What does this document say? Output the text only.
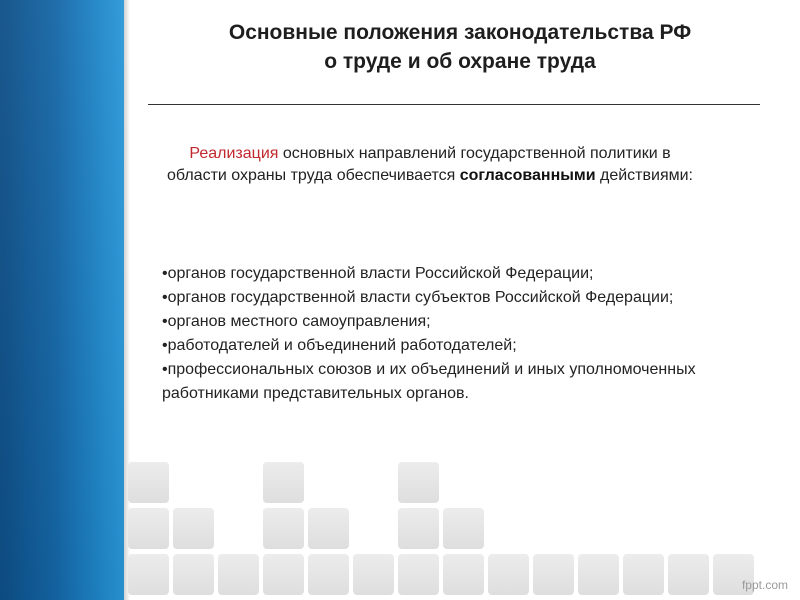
Основные положения законодательства РФ
о труде и об охране труда
Реализация основных направлений государственной политики в области охраны труда обеспечивается согласованными действиями:
•органов государственной власти Российской Федерации;
•органов государственной власти субъектов Российской Федерации;
•органов местного самоуправления;
•работодателей и объединений работодателей;
•профессиональных союзов и их объединений и иных уполномоченных работниками представительных органов.
fppt.com
